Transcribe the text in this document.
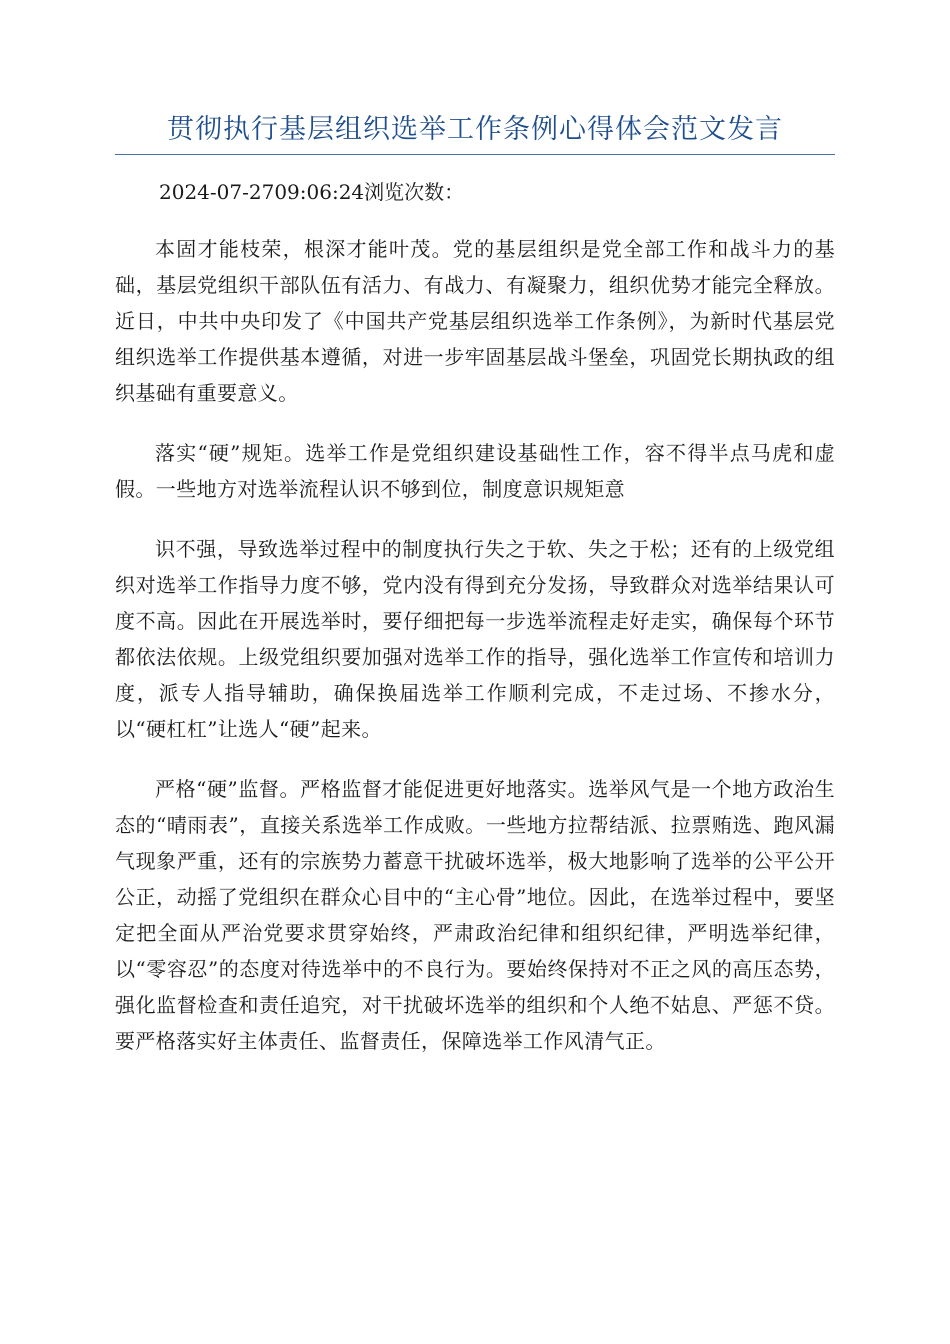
贯彻执行基层组织选举工作条例心得体会范文发言

2024-07-2709:06:24浏览次数：

本固才能枝荣，根深才能叶茂。党的基层组织是党全部工作和战斗力的基础，基层党组织干部队伍有活力、有战力、有凝聚力，组织优势才能完全释放。近日，中共中央印发了《中国共产党基层组织选举工作条例》，为新时代基层党组织选举工作提供基本遵循，对进一步牢固基层战斗堡垒，巩固党长期执政的组织基础有重要意义。

落实“硬”规矩。选举工作是党组织建设基础性工作，容不得半点马虎和虚假。一些地方对选举流程认识不够到位，制度意识规矩意

识不强，导致选举过程中的制度执行失之于软、失之于松；还有的上级党组织对选举工作指导力度不够，党内没有得到充分发扬，导致群众对选举结果认可度不高。因此在开展选举时，要仔细把每一步选举流程走好走实，确保每个环节都依法依规。上级党组织要加强对选举工作的指导，强化选举工作宣传和培训力度，派专人指导辅助，确保换届选举工作顺利完成，不走过场、不掺水分，以“硬杠杠”让选人“硬”起来。

严格“硬”监督。严格监督才能促进更好地落实。选举风气是一个地方政治生态的“晴雨表”，直接关系选举工作成败。一些地方拉帮结派、拉票贿选、跑风漏气现象严重，还有的宗族势力蓄意干扰破坏选举，极大地影响了选举的公平公开公正，动摇了党组织在群众心目中的“主心骨”地位。因此，在选举过程中，要坚定把全面从严治党要求贯穿始终，严肃政治纪律和组织纪律，严明选举纪律，以“零容忍”的态度对待选举中的不良行为。要始终保持对不正之风的高压态势，强化监督检查和责任追究，对干扰破坏选举的组织和个人绝不姑息、严惩不贷。要严格落实好主体责任、监督责任，保障选举工作风清气正。
